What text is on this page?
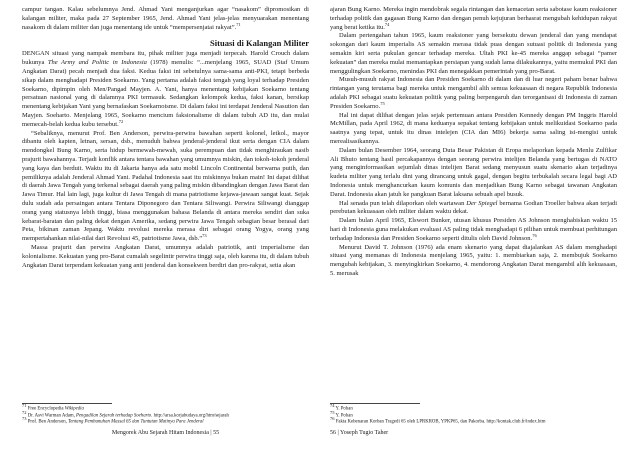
campur tangan. Kalau sebelumnya Jend. Ahmad Yani menganjurkan agar “nasakom” dipromosikan di kalangan militer, maka pada 27 September 1965, Jend. Ahmad Yani jelas-jelas menyuarakan menentang nasakom di dalam militer dan juga menentang ide untuk “mempersenjatai rakyat”.$^{71}$

Situasi di Kalangan Militer

DENGAN situasi yang nampak membara itu, pihak militer juga menjadi terpecah. Harold Crouch dalam bukunya The Army and Politic in Indonesia (1978) menulis: “...menjelang 1965, SUAD (Staf Umum Angkatan Darat) pecah menjadi dua faksi. Kedua faksi ini sebetulnya sama-sama anti-PKI, tetapi berbeda sikap dalam menghadapi Presiden Soekarno. Yang pertama adalah faksi tengah yang loyal terhadap Presiden Soekarno, dipimpin oleh Men/Pangad Mayjen. A. Yani, hanya menentang kebijakan Soekarno tentang persatuan nasional yang di dalamnya PKI termasuk. Sedangkan kelompok kedua, faksi kanan, bersikap menentang kebijakan Yani yang bernafaskan Soekarnoisme. Di dalam faksi ini terdapat Jenderal Nasution dan Mayjen. Soeharto. Menjelang 1965, Soekarno mencium faksionalisme di dalam tubuh AD itu, dan mulai memecah-belah kedua kubu tersebut.$^{72}$

“Sebaliknya, menurut Prof. Ben Anderson, perwira-perwira bawahan seperti kolonel, letkol., mayor dibantu oleh kapten, letnan, sersan, dsb., menuduh bahwa jenderal-jenderal ikut serta dengan CIA dalam mendongkel Bung Karno, serta hidup bermewah-mewah, suka perempuan dan tidak menghiraukan nasib prajurit bawahannya. Terjadi konflik antara tentara bawahan yang umumnya miskin, dan tokoh-tokoh jenderal yang kaya dan berduit. Waktu itu di Jakarta hanya ada satu mobil Lincoln Continental berwarna putih, dan pemiliknya adalah Jenderal Ahmad Yani. Padahal Indonesia saat itu miskinnya bukan main! Ini dapat dilihat di daerah Jawa Tengah yang terkenal sebagai daerah yang paling miskin dibandingkan dengan Jawa Barat dan Jawa Timur. Hal lain lagi, juga kultur di Jawa Tengah di mana patriotisme kejawa-jawaan sangat kuat. Sejak dulu sudah ada persaingan antara Tentara Diponegoro dan Tentara Siliwangi. Perwira Siliwangi dianggap orang yang statusnya lebih tinggi, biasa menggunakan bahasa Belanda di antara mereka sendiri dan suka kebarat-baratan dan paling dekat dengan Amerika, sedang perwira Jawa Tengah sebagian besar berasal dari Peta, bikinan zaman Jepang. Waktu revolusi mereka merasa diri sebagai orang Yogya, orang yang mempertahankan nilai-nilai dari Revolusi 45, patriotisme Jawa, dsb.”$^{73}$

Massa prajurit dan perwira Angkatan Darat, umumnya adalah patriotik, anti imperialisme dan kolonialisme. Kekuatan yang pro-Barat cumalah segelintir perwira tinggi saja, oleh karena itu, di dalam tubuh Angkatan Darat terpendam kekuatan yang anti jenderal dan konsekwen berdiri dan pro-rakyat, setia akan

$^{71}$ Free Encyclopedia Wikipedia
$^{72}$ Dr. Asvi Warman Adam, Pengadilan Sejarah terhadap Soeharto. http://arsa.korjabudaya.org/htm/sejarah
$^{73}$ Prof. Ben Anderson, Tentang Pembunuhan Massal 65 dan Tuntutan Matinya Para Jenderal
Mengorek Abu Sejarah Hitam Indonesia | 55

ajaran Bung Karno. Mereka ingin mendobrak segala rintangan dan kemacetan serta sabotase kaum reaksioner terhadap politik dan gagasan Bung Karno dan dengan penuh kejujuran berhasrat mengubah kehidupan rakyat yang berat ketika itu.$^{74}$

Dalam pertengahan tahun 1965, kaum reaksioner yang bersekutu dewan jenderal dan yang mendapat sokongan dari kaum imperialis AS semakin merasa tidak puas dengan sutuasi politik di Indonesia yang semakin kiri serta pukulan gencar terhadap mereka. Ultah PKI ke-45 mereka anggap sebagai “pamer kekuatan” dan mereka mulai memantapkan persiapan yang sudah lama dilakukannya, yaitu memukul PKI dan menggulingkan Soekarno, menindas PKI dan menegakkan pemerintah yang pro-Barat.

Musuh-musuh rakyat Indonesia dan Presiden Soekarno di dalam dan di luar negeri paham benar bahwa rintangan yang terutama bagi mereka untuk mengambil alih semua kekuasaan di negara Republik Indonesia adalah PKI sebagai suatu kekuatan politik yang paling berpengaruh dan terorganisasi di Indonesia di zaman Presiden Soekarno.$^{75}$

Hal ini dapat dilihat dengan jelas sejak pertemuan antara Presiden Kennedy dengan PM Inggris Harold McMillan, pada April 1962, di mana keduanya sepakat tentang kebijakan untuk melikuidasi Soekarno pada saatnya yang tepat, untuk itu dinas intelejen (CIA dan MI6) bekerja sama saling isi-mengisi untuk merealisasikannya.

Dalam bulan Desember 1964, seorang Duta Besar Pakistan di Eropa melaporkan kepada Menlu Zulfikar Ali Bhuto tentang hasil percakapannya dengan seorang perwira intelijen Belanda yang bertugas di NATO yang menginformasikan sejumlah dinas intelijen Barat sedang menyusun suatu skenario akan terjadinya kudeta militer yang terlalu dini yang dirancang untuk gagal, dengan begitu terbukalah secara legal bagi AD Indonesia untuk menghancurkan kaum komunis dan menjadikan Bung Karno sebagai tawanan Angkatan Darat. Indonesia akan jatuh ke pangkuan Barat laksana sebuah apel busuk.

Hal senada pun telah dilaporkan oleh wartawan Der Spiegel bernama Godian Troeller bahwa akan terjadi perebutan kekuasaan oleh militer dalam waktu dekat.

Dalam bulan April 1965, Elswort Bunker, utusan khusus Presiden AS Johnson menghabiskan waktu 15 hari di Indonesia guna melakukan evaluasi AS paling tidak menghadapi 6 pilihan untuk membuat perhitungan terhadap Indonesia dan Presiden Soekarno seperti ditulis oleh David Johnson.$^{76}$

Menurut David T. Johnson (1976) ada enam skenario yang dapat diajalankan AS dalam menghadapi situasi yang memanas di Indonesia menjelang 1965, yaitu: 1. membiarkan saja, 2. membujuk Soekarno mengubah kebijakan, 3. menyingkirkan Soekarno, 4. mendorong Angkatan Darat mengambil alih kekuasaan, 5. merusak

$^{74}$ Y. Pohan
$^{75}$ Y. Pohan
$^{76}$ Fakta Kebenaran Korban Tragedi 65 oleh LPRKROB, YPKP65, dan Pakorba. http://kontak.club.fr/index.htm
56 | Yoseph Tugio Taher
